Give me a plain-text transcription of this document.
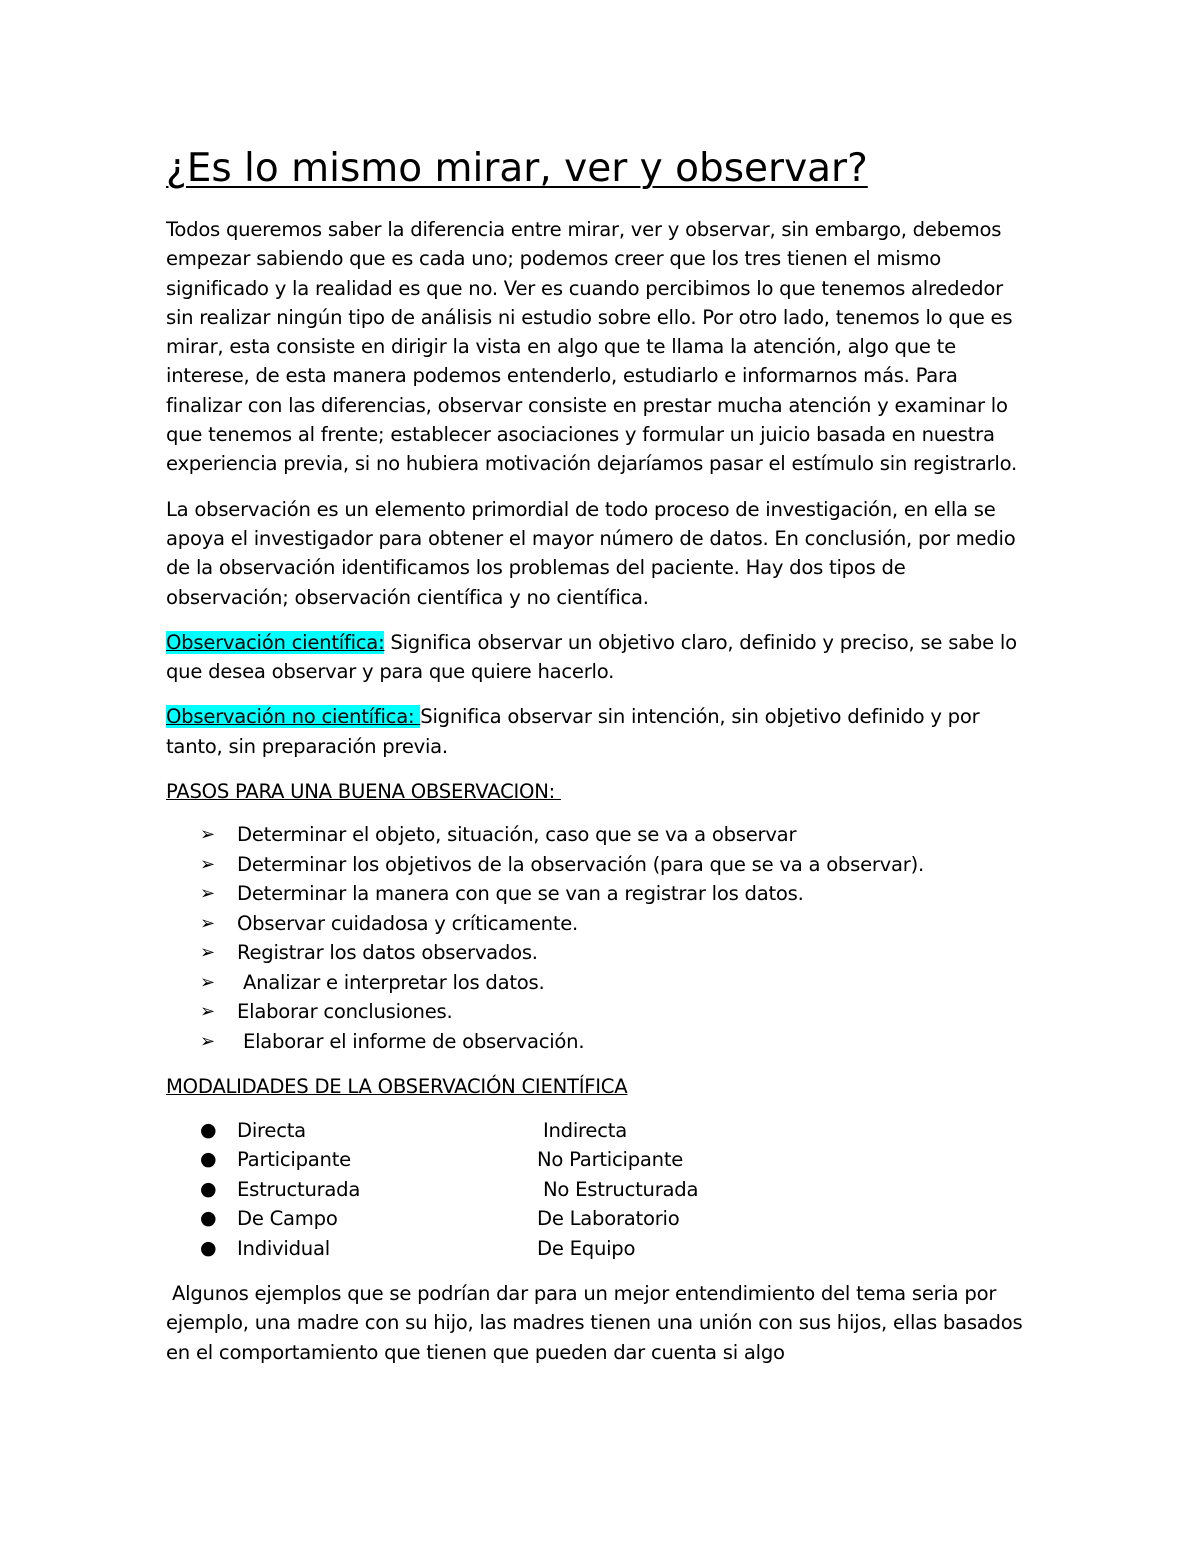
¿Es lo mismo mirar, ver y observar?

Todos queremos saber la diferencia entre mirar, ver y observar, sin embargo, debemos empezar sabiendo que es cada uno; podemos creer que los tres tienen el mismo significado y la realidad es que no. Ver es cuando percibimos lo que tenemos alrededor sin realizar ningún tipo de análisis ni estudio sobre ello. Por otro lado, tenemos lo que es mirar, esta consiste en dirigir la vista en algo que te llama la atención, algo que te interese, de esta manera podemos entenderlo, estudiarlo e informarnos más. Para finalizar con las diferencias, observar consiste en prestar mucha atención y examinar lo que tenemos al frente; establecer asociaciones y formular un juicio basada en nuestra experiencia previa, si no hubiera motivación dejaríamos pasar el estímulo sin registrarlo.

La observación es un elemento primordial de todo proceso de investigación, en ella se apoya el investigador para obtener el mayor número de datos. En conclusión, por medio de la observación identificamos los problemas del paciente. Hay dos tipos de observación; observación científica y no científica.

Observación científica: Significa observar un objetivo claro, definido y preciso, se sabe lo que desea observar y para que quiere hacerlo.

Observación no científica: Significa observar sin intención, sin objetivo definido y por tanto, sin preparación previa.

PASOS PARA UNA BUENA OBSERVACION:

➢ Determinar el objeto, situación, caso que se va a observar
➢ Determinar los objetivos de la observación (para que se va a observar).
➢ Determinar la manera con que se van a registrar los datos.
➢ Observar cuidadosa y críticamente.
➢ Registrar los datos observados.
➢ Analizar e interpretar los datos.
➢ Elaborar conclusiones.
➢ Elaborar el informe de observación.

MODALIDADES DE LA OBSERVACIÓN CIENTÍFICA

● Directa	Indirecta
● Participante	No Participante
● Estructurada	No Estructurada
● De Campo	De Laboratorio
● Individual	De Equipo

Algunos ejemplos que se podrían dar para un mejor entendimiento del tema seria por ejemplo, una madre con su hijo, las madres tienen una unión con sus hijos, ellas basados en el comportamiento que tienen que pueden dar cuenta si algo
